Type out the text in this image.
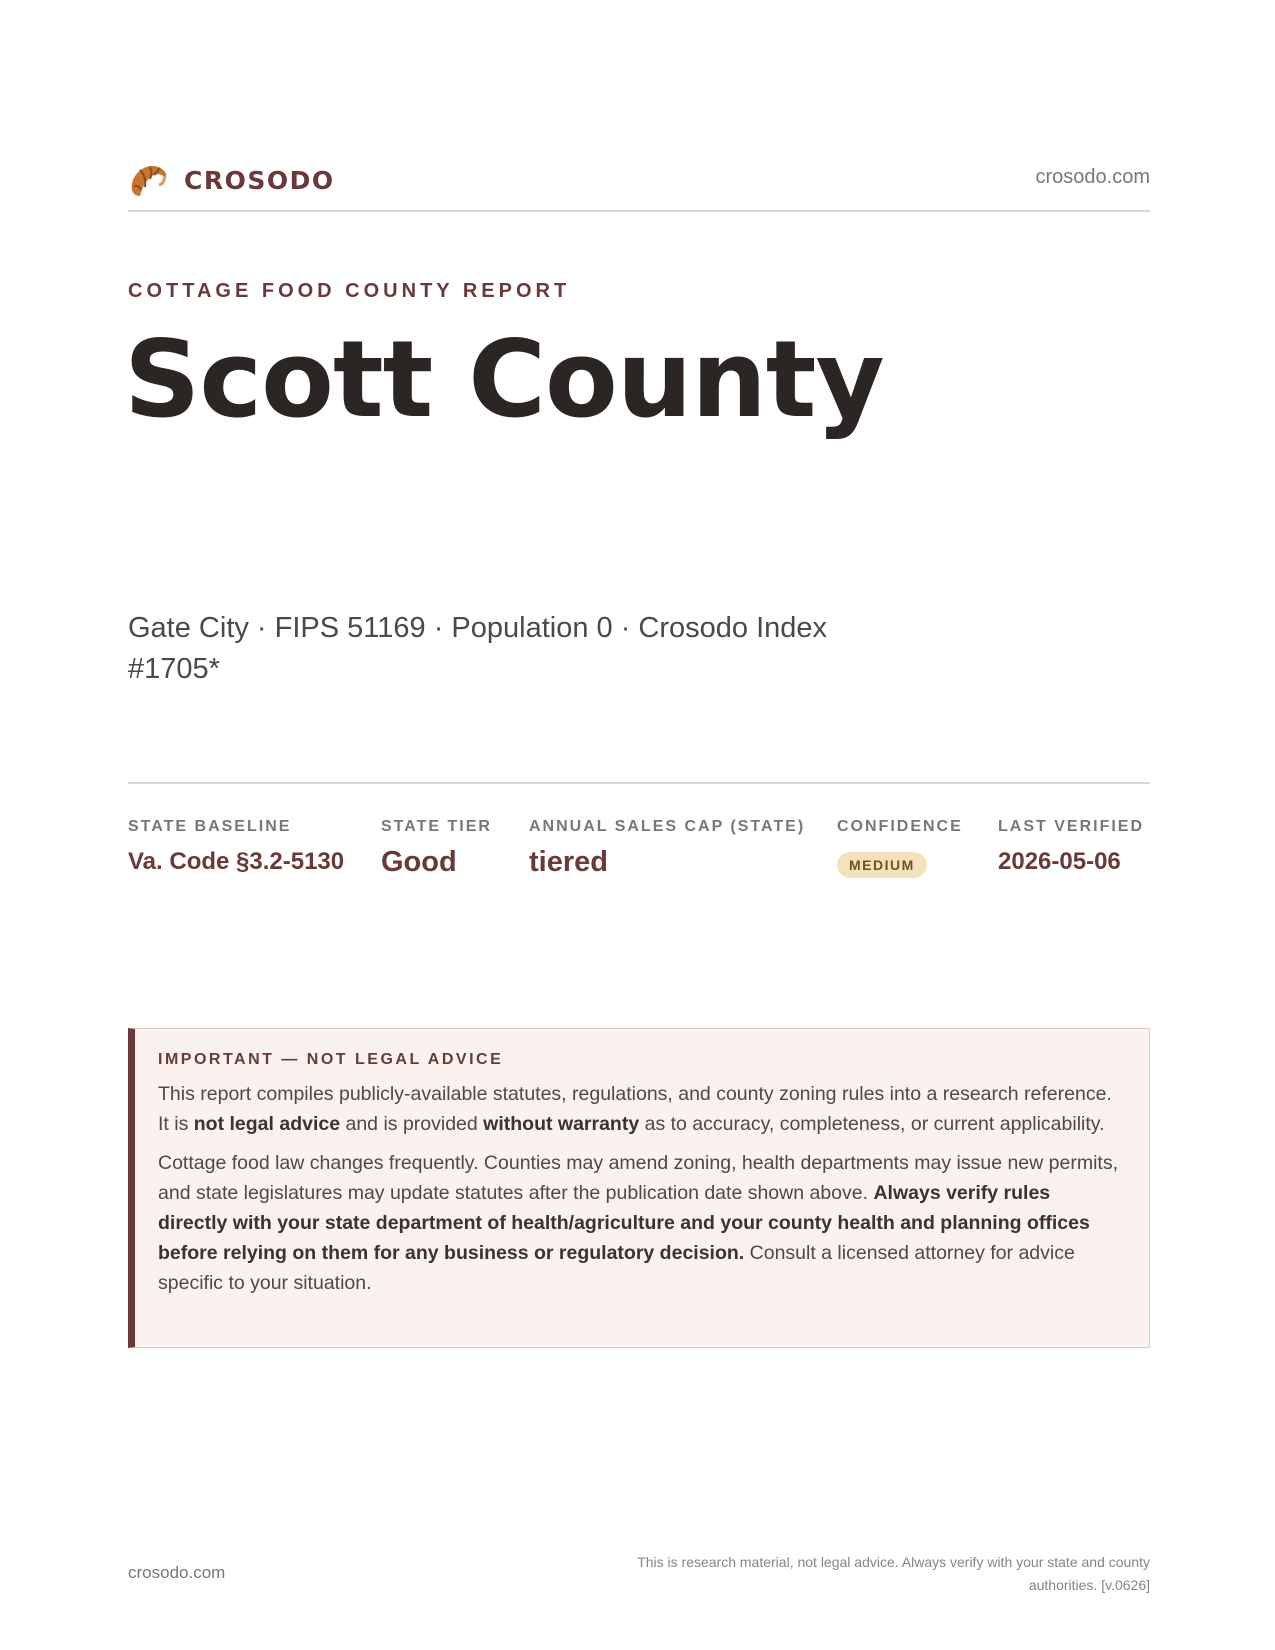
CROSODO	crosodo.com
COTTAGE FOOD COUNTY REPORT
Scott County
Gate City · FIPS 51169 · Population 0 · Crosodo Index #1705*
STATE BASELINE
Va. Code §3.2-5130
STATE TIER
Good
ANNUAL SALES CAP (STATE)
tiered
CONFIDENCE
MEDIUM
LAST VERIFIED
2026-05-06
IMPORTANT — NOT LEGAL ADVICE

This report compiles publicly-available statutes, regulations, and county zoning rules into a research reference. It is not legal advice and is provided without warranty as to accuracy, completeness, or current applicability.

Cottage food law changes frequently. Counties may amend zoning, health departments may issue new permits, and state legislatures may update statutes after the publication date shown above. Always verify rules directly with your state department of health/agriculture and your county health and planning offices before relying on them for any business or regulatory decision. Consult a licensed attorney for advice specific to your situation.

crosodo.com
This is research material, not legal advice. Always verify with your state and county authorities. [v.0626]
